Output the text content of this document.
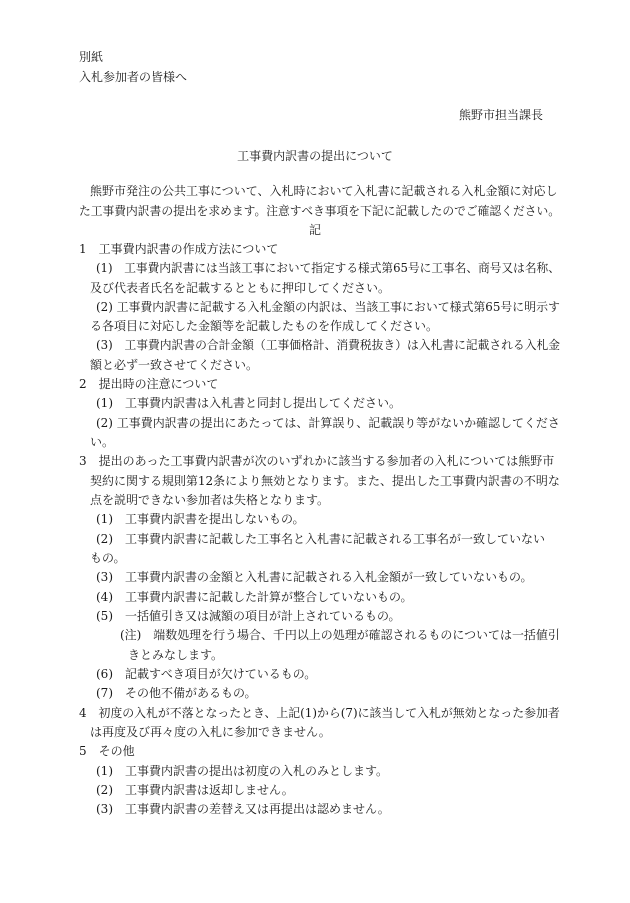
別紙
入札参加者の皆様へ
熊野市担当課長
工事費内訳書の提出について
熊野市発注の公共工事について、入札時において入札書に記載される入札金額に対応し
た工事費内訳書の提出を求めます。注意すべき事項を下記に記載したのでご確認ください。
記
1　工事費内訳書の作成方法について
(1)　工事費内訳書には当該工事において指定する様式第65号に工事名、商号又は名称、
及び代表者氏名を記載するとともに押印してください。
(2) 工事費内訳書に記載する入札金額の内訳は、当該工事において様式第65号に明示す
る各項目に対応した金額等を記載したものを作成してください。
(3)　工事費内訳書の合計金額（工事価格計、消費税抜き）は入札書に記載される入札金
額と必ず一致させてください。
2　提出時の注意について
(1)　工事費内訳書は入札書と同封し提出してください。
(2) 工事費内訳書の提出にあたっては、計算誤り、記載誤り等がないか確認してくださ
い。
3　提出のあった工事費内訳書が次のいずれかに該当する参加者の入札については熊野市
契約に関する規則第12条により無効となります。また、提出した工事費内訳書の不明な
点を説明できない参加者は失格となります。
(1)　工事費内訳書を提出しないもの。
(2)　工事費内訳書に記載した工事名と入札書に記載される工事名が一致していない
もの。
(3)　工事費内訳書の金額と入札書に記載される入札金額が一致していないもの。
(4)　工事費内訳書に記載した計算が整合していないもの。
(5)　一括値引き又は減額の項目が計上されているもの。
(注)　端数処理を行う場合、千円以上の処理が確認されるものについては一括値引
きとみなします。
(6)　記載すべき項目が欠けているもの。
(7)　その他不備があるもの。
4　初度の入札が不落となったとき、上記(1)から(7)に該当して入札が無効となった参加者
は再度及び再々度の入札に参加できません。
5　その他
(1)　工事費内訳書の提出は初度の入札のみとします。
(2)　工事費内訳書は返却しません。
(3)　工事費内訳書の差替え又は再提出は認めません。
